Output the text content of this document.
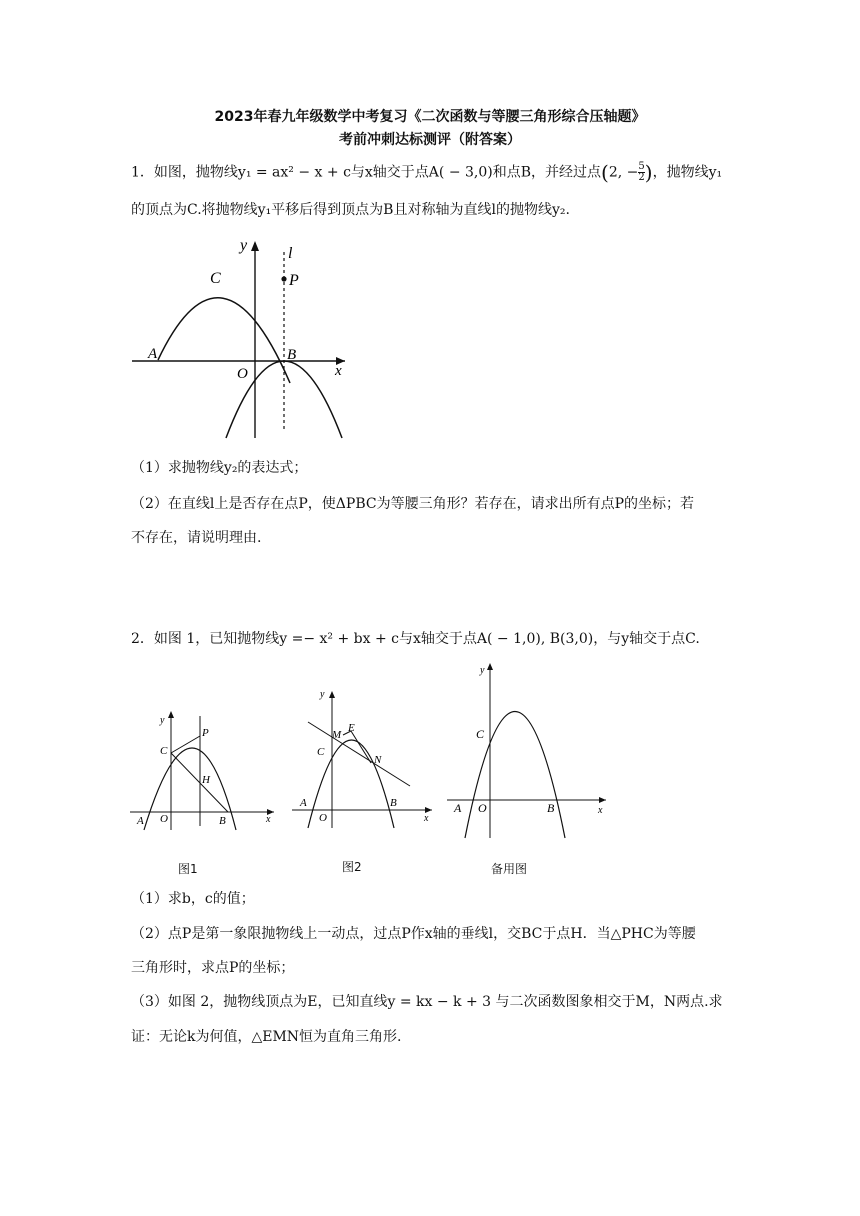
2023年春九年级数学中考复习《二次函数与等腰三角形综合压轴题》
考前冲刺达标测评（附答案）
1．如图，抛物线y₁ = ax² − x + c与x轴交于点A( − 3,0)和点B，并经过点(2, − $\frac{5}{2}$ )，抛物线y₁
的顶点为C.将抛物线y₁平移后得到顶点为B且对称轴为直线l的抛物线y₂.
y	l
P
C
A
O
B
x
（1）求抛物线y₂的表达式；
（2）在直线l上是否存在点P，使ΔPBC为等腰三角形？若存在，请求出所有点P的坐标；若
不存在，请说明理由.
2．如图 1，已知抛物线y =− x² + bx + c与x轴交于点A( − 1,0), B(3,0)，与y轴交于点C.
y
C
P
H
A O	B	x
图1
y
M
E
C
N
A
O
B
x
图2
y
C
A O	B	x
备用图
（1）求b，c的值；
（2）点P是第一象限抛物线上一动点，过点P作x轴的垂线l，交BC于点H．当△PHC为等腰
三角形时，求点P的坐标；
（3）如图 2，抛物线顶点为E，已知直线y = kx − k + 3 与二次函数图象相交于M，N两点.求
证：无论k为何值，△EMN恒为直角三角形.
